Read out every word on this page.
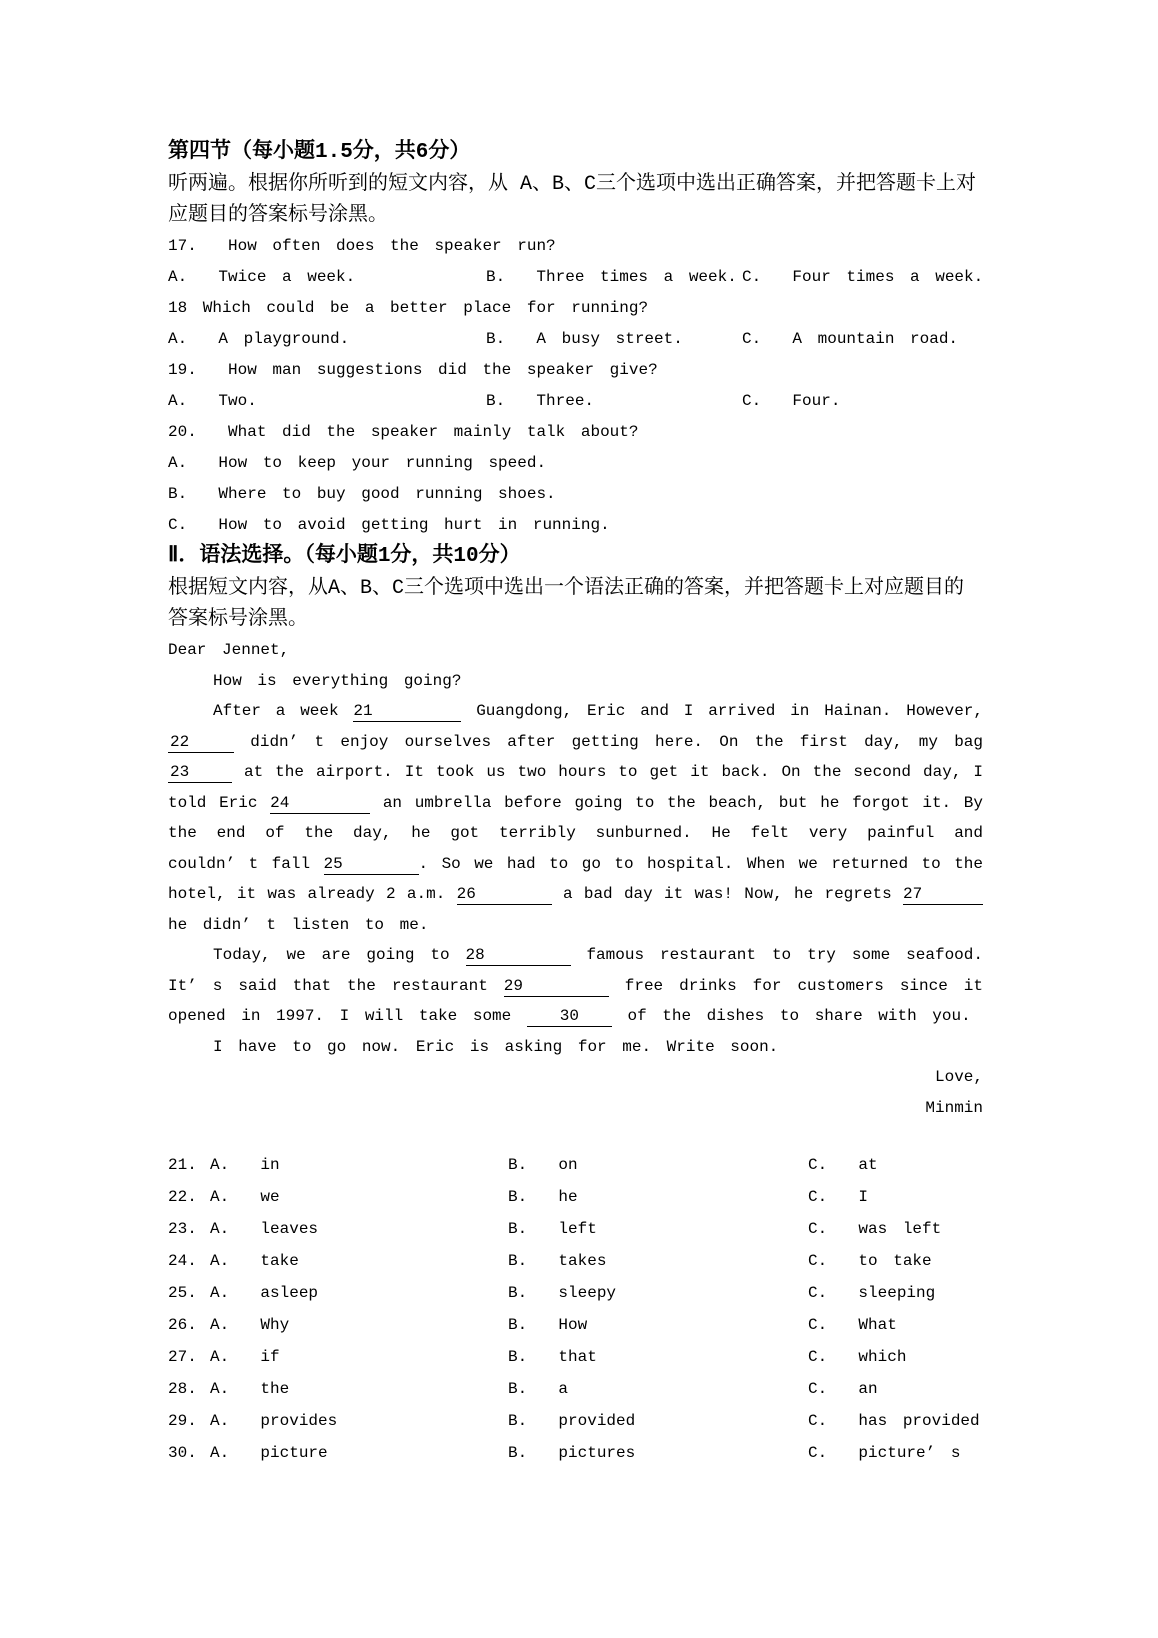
第四节（每小题1.5分，共6分）
听两遍。根据你所听到的短文内容，从 A、B、C三个选项中选出正确答案，并把答题卡上对
应题目的答案标号涂黑。
17.  How often does the speaker run?
A.  Twice a week.	B.  Three times a week. C.  Four times a week.
18 Which could be a better place for running?
A.  A playground.	B.  A busy street.	C.  A mountain road.
19.  How man suggestions did the speaker give?
A.  Two.	B.  Three.	C.  Four.
20.  What did the speaker mainly talk about?
A.  How to keep your running speed.
B.  Where to buy good running shoes.
C.  How to avoid getting hurt in running.
Ⅱ．语法选择。（每小题1分，共10分）
根据短文内容，从A、B、C三个选项中选出一个语法正确的答案，并把答题卡上对应题目的
答案标号涂黑。
Dear Jennet,
How is everything going?
After a week 21	Guangdong, Eric and I arrived in Hainan. However,
22	didn’ t enjoy ourselves after getting here. On the first day, my bag
23	at the airport. It took us two hours to get it back. On the second day, I
told Eric 24	an umbrella before going to the beach, but he forgot it. By
the end of the day, he got terribly sunburned. He felt very painful and
couldn’ t fall 25	. So we had to go to hospital. When we returned to the
hotel, it was already 2 a.m. 26	a bad day it was! Now, he regrets 27
he didn’ t listen to me.
Today, we are going to 28	famous restaurant to try some seafood.
It’ s said that the restaurant 29	free drinks for customers since it
opened in 1997. I will take some 30 of the dishes to share with you.
I have to go now. Eric is asking for me. Write soon.
Love,
Minmin
21. A.  in	B.  on	C.  at
22. A.  we	B.  he	C.  I
23. A.  leaves	B.  left	C.  was left
24. A.  take	B.  takes	C.  to take
25. A.  asleep	B.  sleepy	C.  sleeping
26. A.  Why	B.  How	C.  What
27. A.  if	B.  that	C.  which
28. A.  the	B.  a	C.  an
29. A.  provides	B.  provided	C.  has provided
30. A.  picture	B.  pictures	C.  picture’ s
